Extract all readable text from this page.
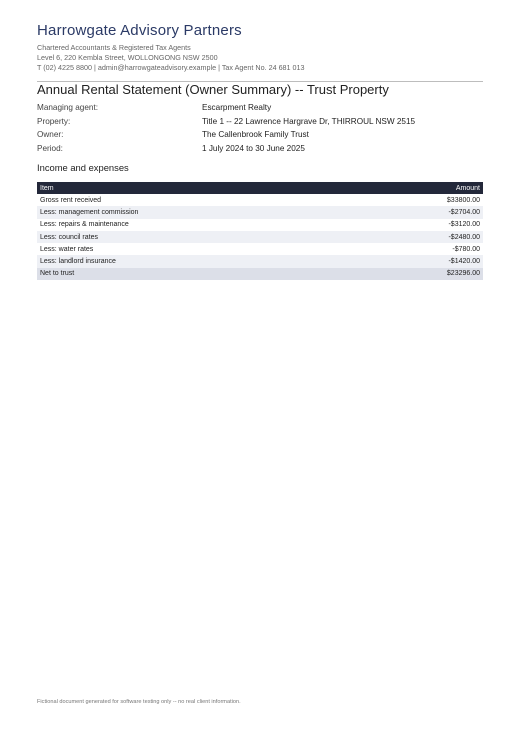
Harrowgate Advisory Partners
Chartered Accountants & Registered Tax Agents
Level 6, 220 Kembla Street, WOLLONGONG NSW 2500
T (02) 4225 8800 | admin@harrowgateadvisory.example | Tax Agent No. 24 681 013
Annual Rental Statement (Owner Summary) -- Trust Property
Managing agent:	Escarpment Realty
Property:	Title 1 -- 22 Lawrence Hargrave Dr, THIRROUL NSW 2515
Owner:	The Callenbrook Family Trust
Period:	1 July 2024 to 30 June 2025
Income and expenses
Item	Amount
Gross rent received	$33800.00
Less: management commission	-$2704.00
Less: repairs & maintenance	-$3120.00
Less: council rates	-$2480.00
Less: water rates	-$780.00
Less: landlord insurance	-$1420.00
Net to trust	$23296.00
Fictional document generated for software testing only -- no real client information.
